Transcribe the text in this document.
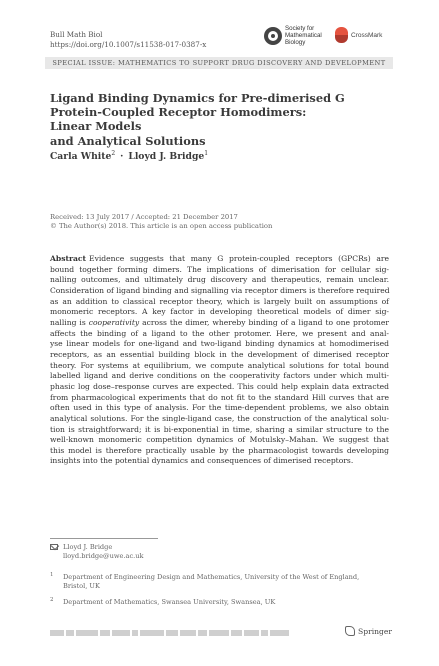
Bull Math Biol
https://doi.org/10.1007/s11538-017-0387-x
Society for
Mathematical
Biology
CrossMark
SPECIAL ISSUE: MATHEMATICS TO SUPPORT DRUG DISCOVERY AND DEVELOPMENT
Ligand Binding Dynamics for Pre-dimerised G
Protein-Coupled Receptor Homodimers: Linear Models
and Analytical Solutions
Carla White$^2$ · Lloyd J. Bridge$^1$
Received: 13 July 2017 / Accepted: 21 December 2017
© The Author(s) 2018. This article is an open access publication
Abstract Evidence suggests that many G protein-coupled receptors (GPCRs) are
bound together forming dimers. The implications of dimerisation for cellular sig-
nalling outcomes, and ultimately drug discovery and therapeutics, remain unclear.
Consideration of ligand binding and signalling via receptor dimers is therefore required
as an addition to classical receptor theory, which is largely built on assumptions of
monomeric receptors. A key factor in developing theoretical models of dimer sig-
nalling is cooperativity across the dimer, whereby binding of a ligand to one protomer
affects the binding of a ligand to the other protomer. Here, we present and anal-
yse linear models for one-ligand and two-ligand binding dynamics at homodimerised
receptors, as an essential building block in the development of dimerised receptor
theory. For systems at equilibrium, we compute analytical solutions for total bound
labelled ligand and derive conditions on the cooperativity factors under which multi-
phasic log dose–response curves are expected. This could help explain data extracted
from pharmacological experiments that do not fit to the standard Hill curves that are
often used in this type of analysis. For the time-dependent problems, we also obtain
analytical solutions. For the single-ligand case, the construction of the analytical solu-
tion is straightforward; it is bi-exponential in time, sharing a similar structure to the
well-known monomeric competition dynamics of Motulsky–Mahan. We suggest that
this model is therefore practically usable by the pharmacologist towards developing
insights into the potential dynamics and consequences of dimerised receptors.
Lloyd J. Bridge
lloyd.bridge@uwe.ac.uk
1 Department of Engineering Design and Mathematics, University of the West of England, Bristol, UK
2 Department of Mathematics, Swansea University, Swansea, UK
Springer
